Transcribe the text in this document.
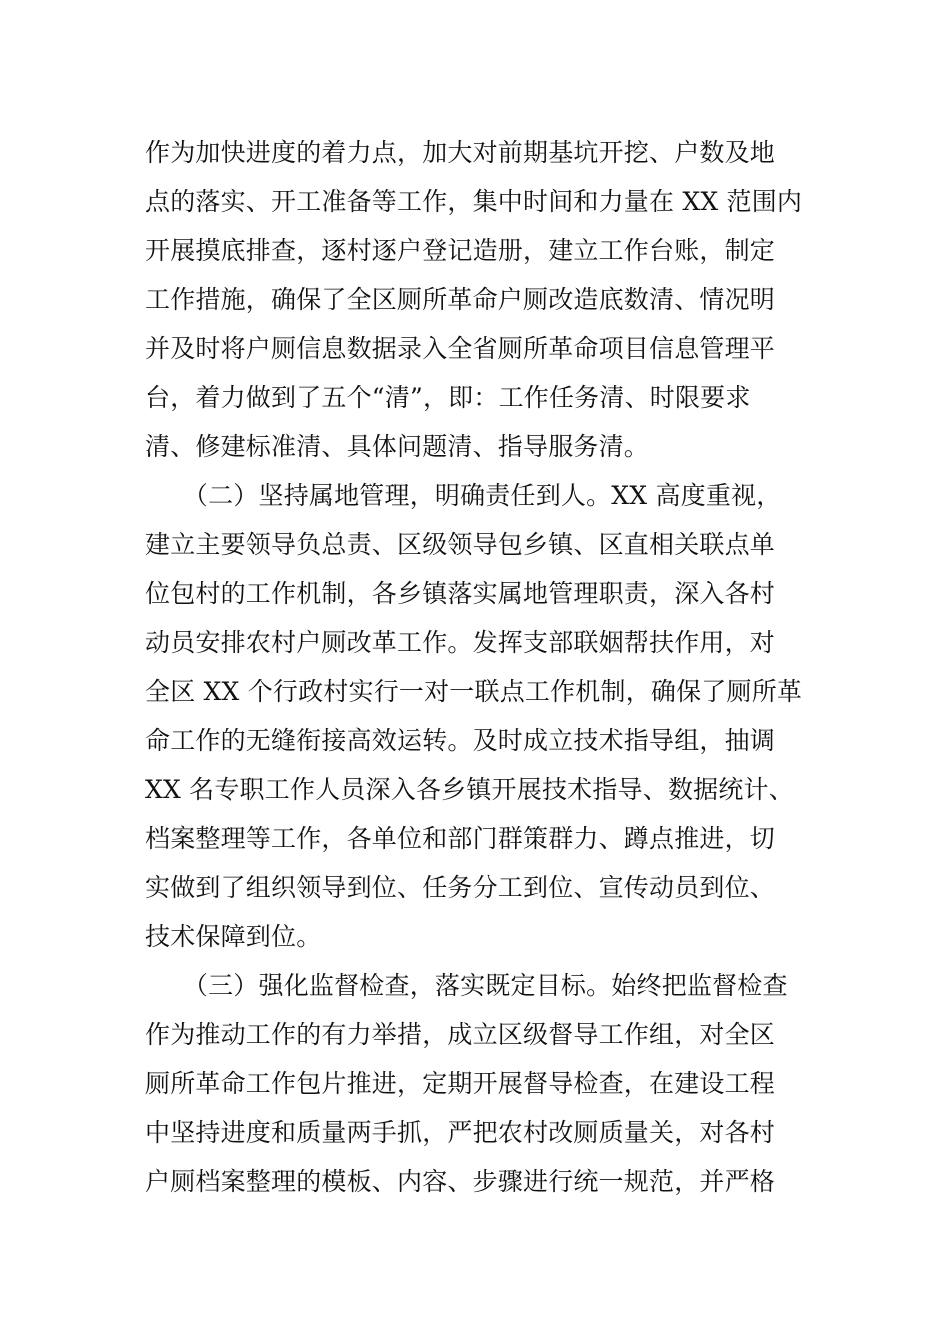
作为加快进度的着力点，加大对前期基坑开挖、户数及地
点的落实、开工准备等工作，集中时间和力量在 XX 范围内
开展摸底排查，逐村逐户登记造册，建立工作台账，制定
工作措施，确保了全区厕所革命户厕改造底数清、情况明
并及时将户厕信息数据录入全省厕所革命项目信息管理平
台，着力做到了五个“清”，即：工作任务清、时限要求
清、修建标准清、具体问题清、指导服务清。
　　（二）坚持属地管理，明确责任到人。XX 高度重视，
建立主要领导负总责、区级领导包乡镇、区直相关联点单
位包村的工作机制，各乡镇落实属地管理职责，深入各村
动员安排农村户厕改革工作。发挥支部联姻帮扶作用，对
全区 XX 个行政村实行一对一联点工作机制，确保了厕所革
命工作的无缝衔接高效运转。及时成立技术指导组，抽调
XX 名专职工作人员深入各乡镇开展技术指导、数据统计、
档案整理等工作，各单位和部门群策群力、蹲点推进，切
实做到了组织领导到位、任务分工到位、宣传动员到位、
技术保障到位。
　　（三）强化监督检查，落实既定目标。始终把监督检查
作为推动工作的有力举措，成立区级督导工作组，对全区
厕所革命工作包片推进，定期开展督导检查，在建设工程
中坚持进度和质量两手抓，严把农村改厕质量关，对各村
户厕档案整理的模板、内容、步骤进行统一规范，并严格
